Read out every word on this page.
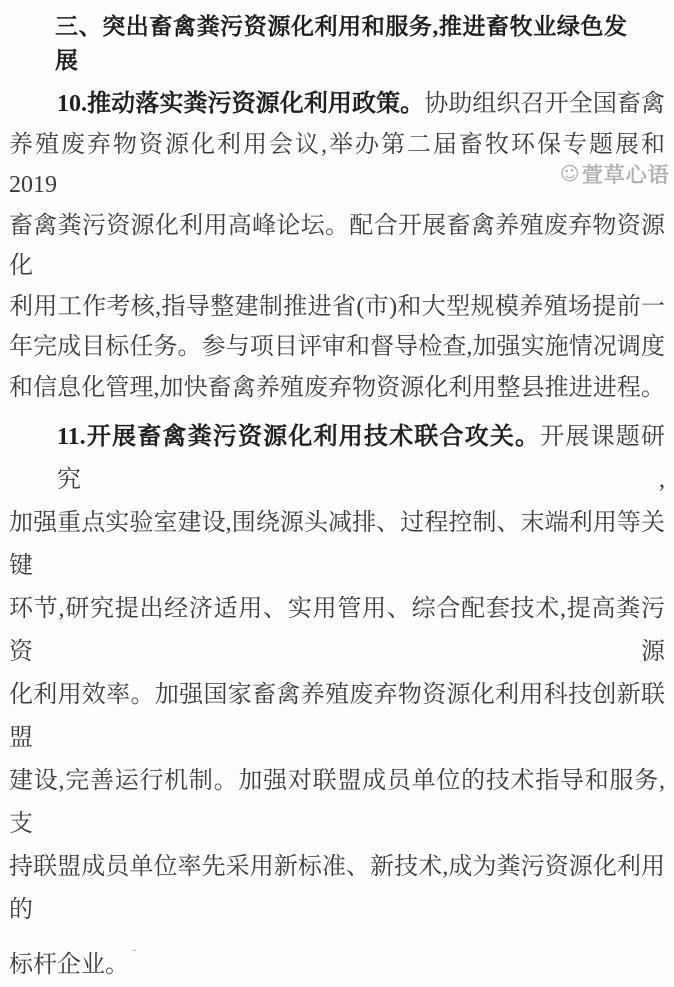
三、突出畜禽粪污资源化利用和服务,推进畜牧业绿色发展
10.推动落实粪污资源化利用政策。协助组织召开全国畜禽
养殖废弃物资源化利用会议,举办第二届畜牧环保专题展和 2019
畜禽粪污资源化利用高峰论坛。配合开展畜禽养殖废弃物资源化
利用工作考核,指导整建制推进省(市)和大型规模养殖场提前一
年完成目标任务。参与项目评审和督导检查,加强实施情况调度
和信息化管理,加快畜禽养殖废弃物资源化利用整县推进进程。
11.开展畜禽粪污资源化利用技术联合攻关。开展课题研究,
加强重点实验室建设,围绕源头减排、过程控制、末端利用等关键
环节,研究提出经济适用、实用管用、综合配套技术,提高粪污资源
化利用效率。加强国家畜禽养殖废弃物资源化利用科技创新联盟
建设,完善运行机制。加强对联盟成员单位的技术指导和服务,支
持联盟成员单位率先采用新标准、新技术,成为粪污资源化利用的
标杆企业。 ¨
☺ 萱草心语
